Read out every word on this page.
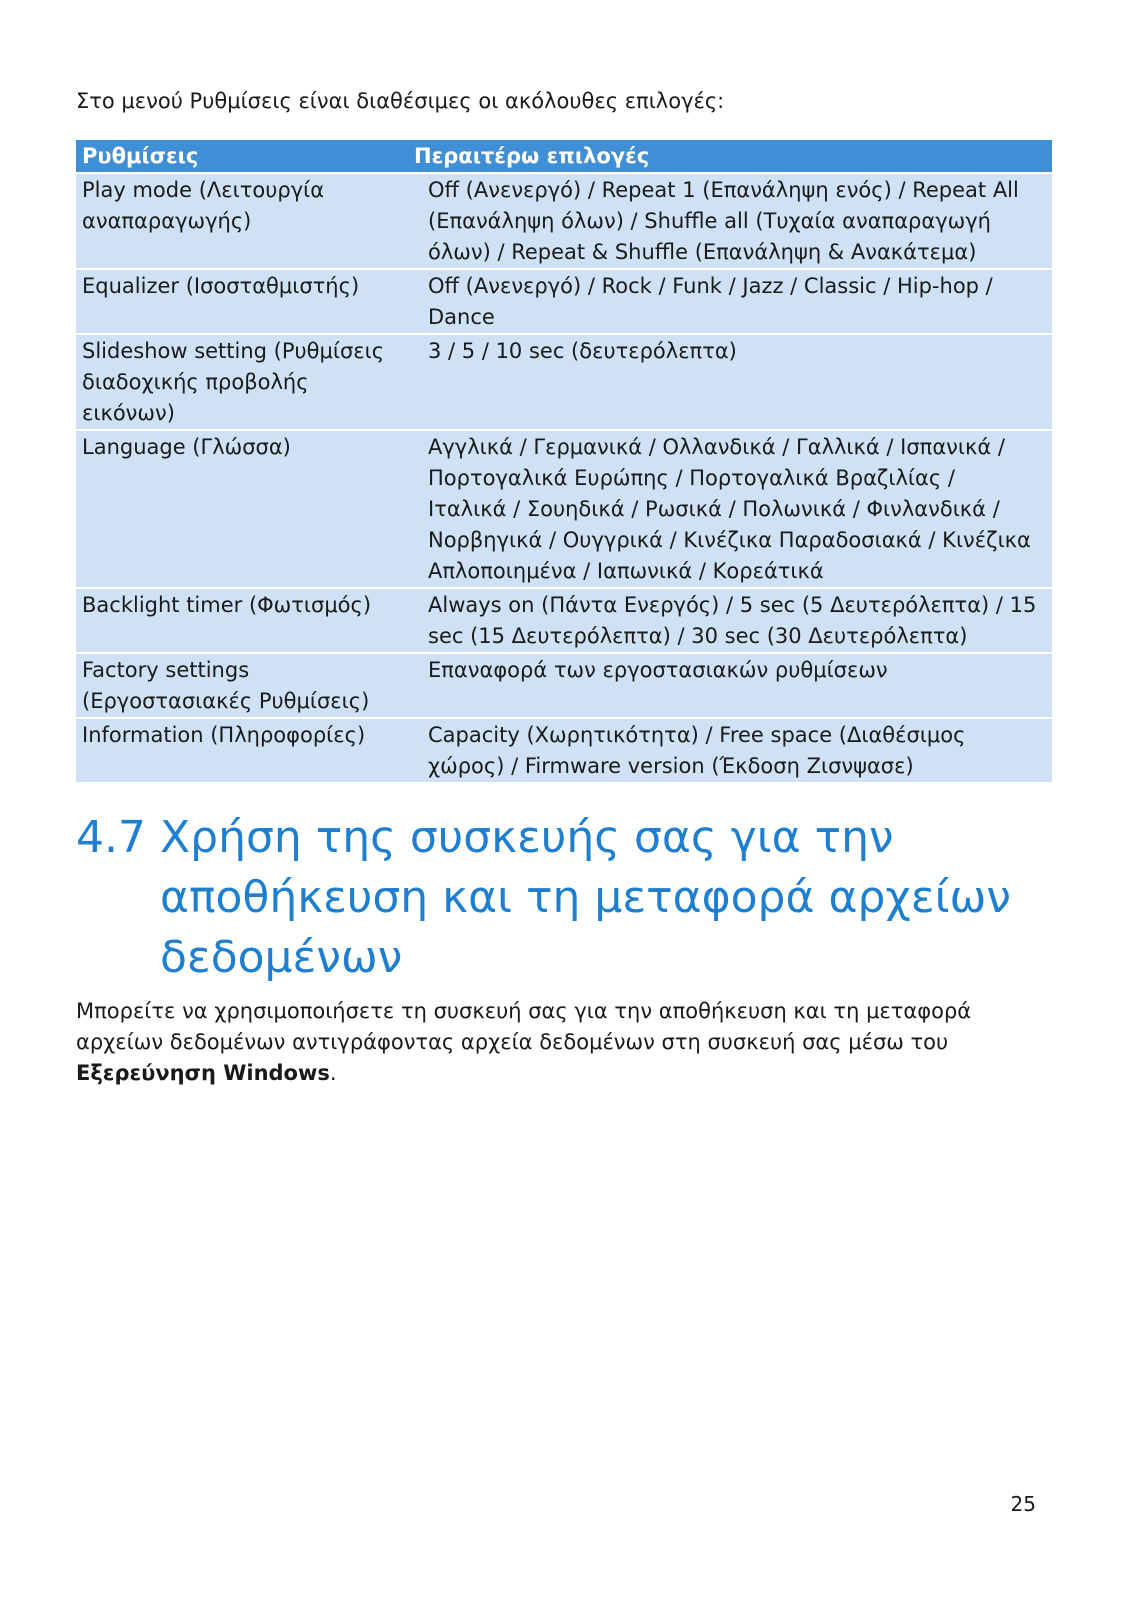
Στο μενού Ρυθμίσεις είναι διαθέσιμες οι ακόλουθες επιλογές:
Ρυθμίσεις	Περαιτέρω επιλογές
Play mode (Λειτουργία αναπαραγωγής)	Off (Ανενεργό) / Repeat 1 (Επανάληψη ενός) / Repeat All (Επανάληψη όλων) / Shuffle all (Τυχαία αναπαραγωγή όλων) / Repeat & Shuffle (Επανάληψη & Ανακάτεμα)
Equalizer (Ισοσταθμιστής)	Off (Ανενεργό) / Rock / Funk / Jazz / Classic / Hip-hop / Dance
Slideshow setting (Ρυθμίσεις διαδοχικής προβολής εικόνων)	3 / 5 / 10 sec (δευτερόλεπτα)
Language (Γλώσσα)	Αγγλικά / Γερμανικά / Ολλανδικά / Γαλλικά / Ισπανικά / Πορτογαλικά Ευρώπης / Πορτογαλικά Βραζιλίας / Ιταλικά / Σουηδικά / Ρωσικά / Πολωνικά / Φινλανδικά / Νορβηγικά / Ουγγρικά / Κινέζικα Παραδοσιακά / Κινέζικα Απλοποιημένα / Ιαπωνικά / Κορεάτικά
Backlight timer (Φωτισμός)	Always on (Πάντα Ενεργός) / 5 sec (5 Δευτερόλεπτα) / 15 sec (15 Δευτερόλεπτα) / 30 sec (30 Δευτερόλεπτα)
Factory settings (Εργοστασιακές Ρυθμίσεις)	Επαναφορά των εργοστασιακών ρυθμίσεων
Information (Πληροφορίες)	Capacity (Χωρητικότητα) / Free space (Διαθέσιμος χώρος) / Firmware version (Έκδοση Ζισνψασε)
4.7 Χρήση της συσκευής σας για την αποθήκευση και τη μεταφορά αρχείων δεδομένων
Μπορείτε να χρησιμοποιήσετε τη συσκευή σας για την αποθήκευση και τη μεταφορά αρχείων δεδομένων αντιγράφοντας αρχεία δεδομένων στη συσκευή σας μέσω του Εξερεύνηση Windows.
25
